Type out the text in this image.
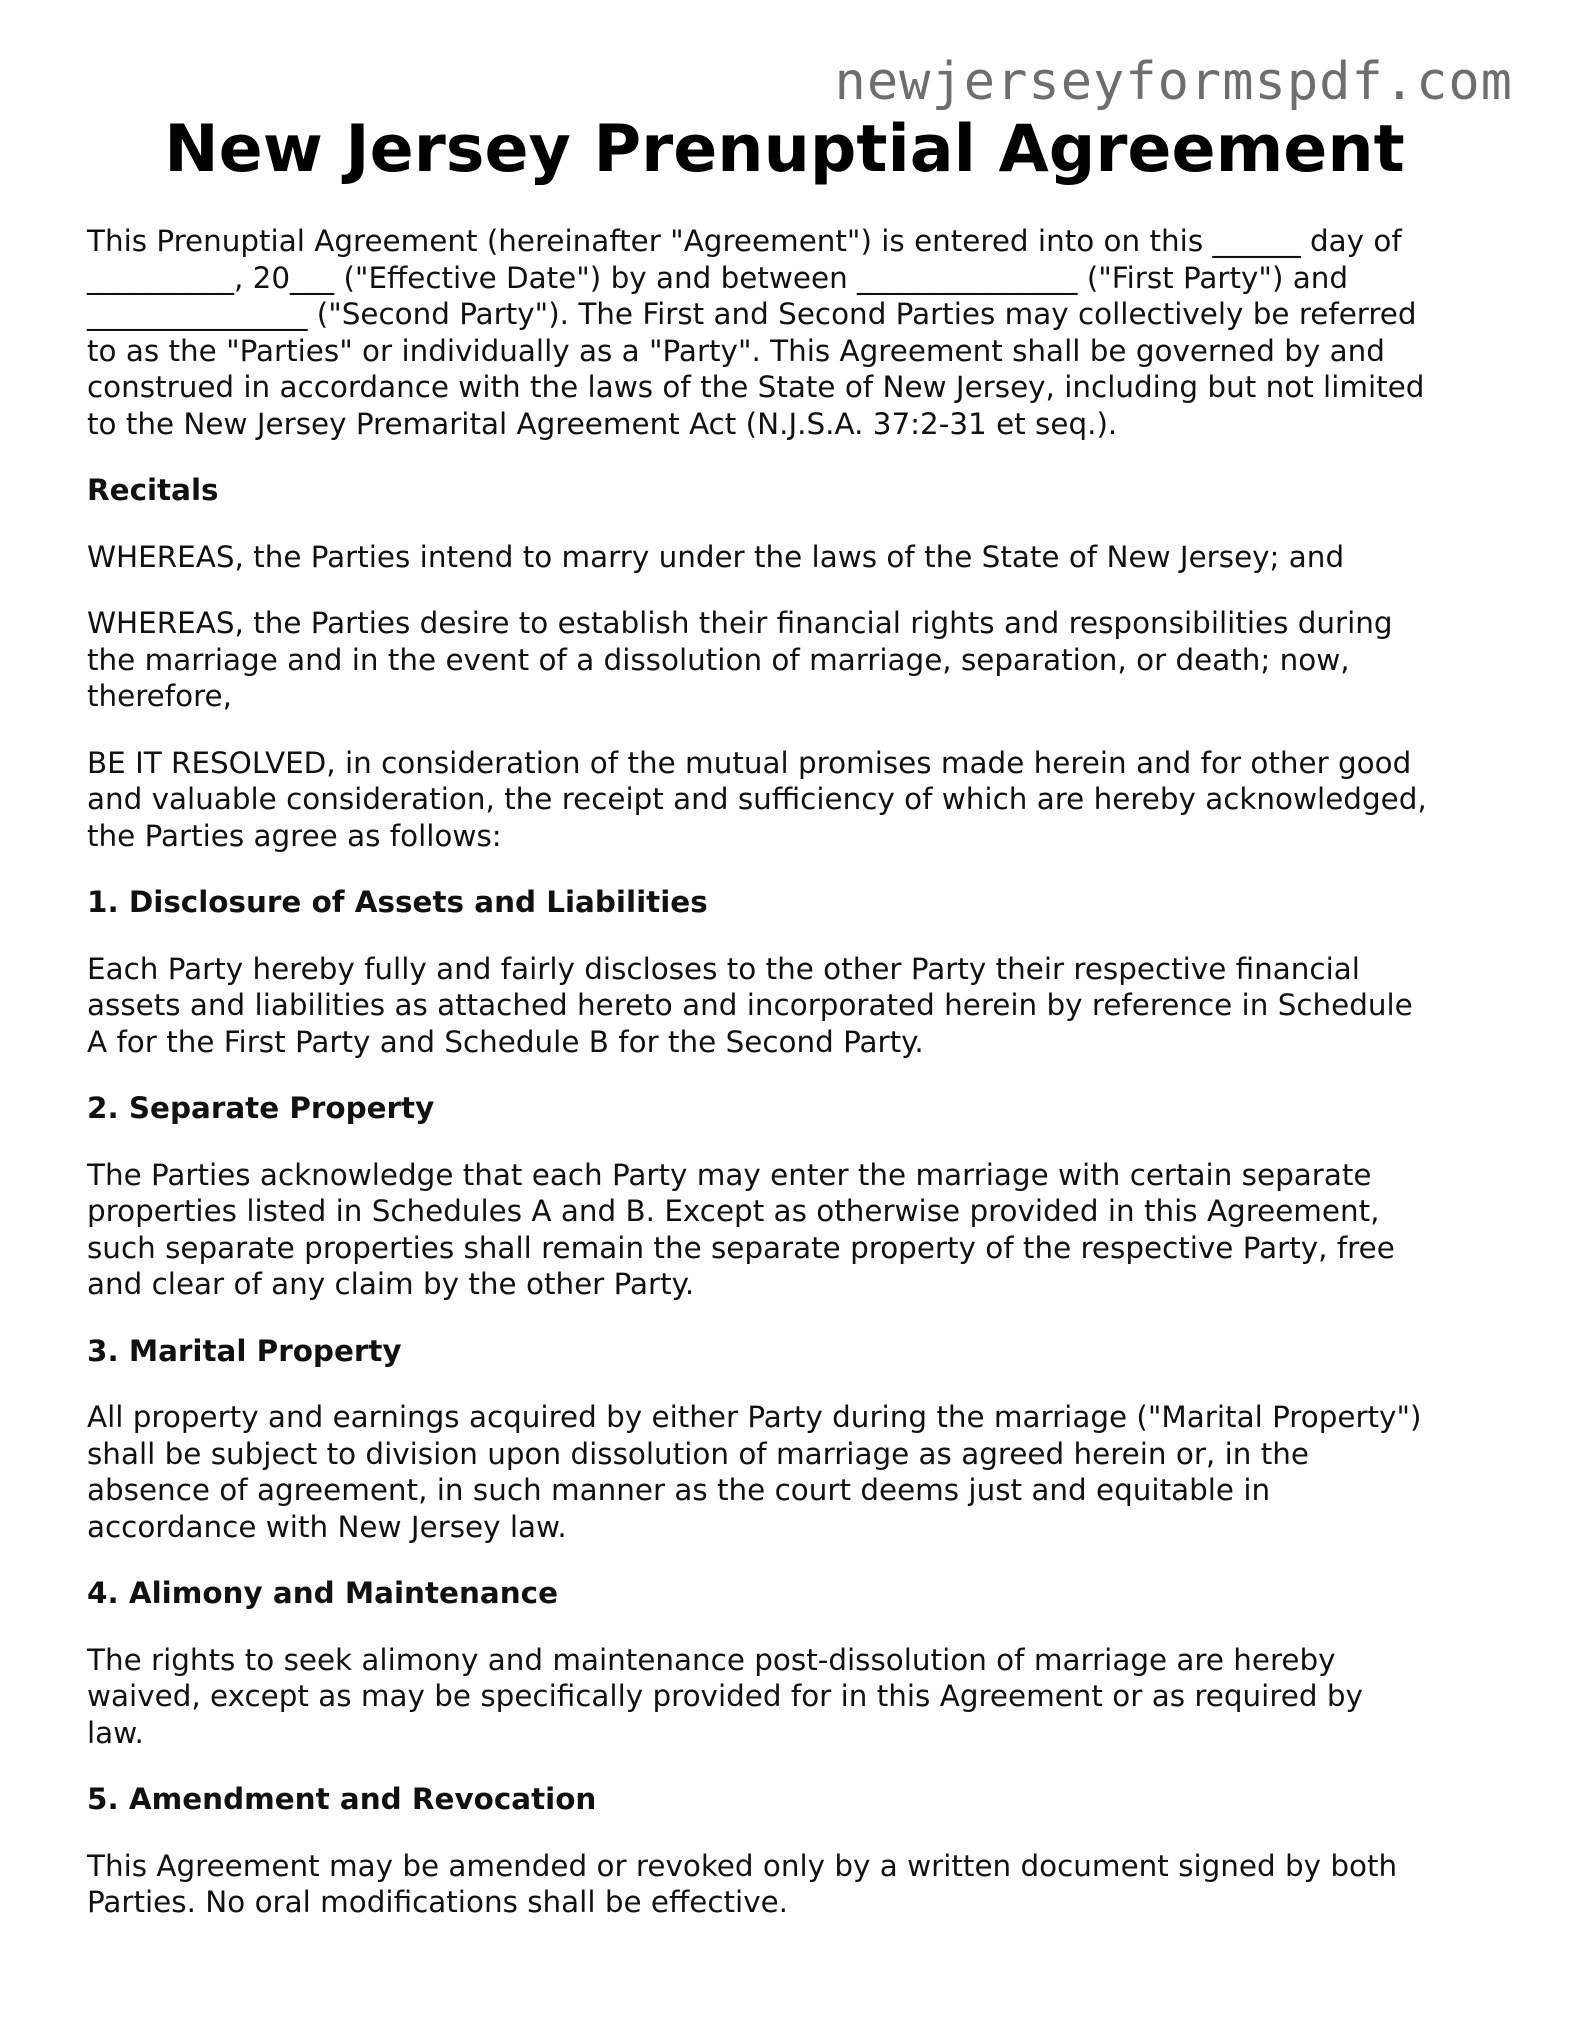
newjerseyformspdf.com
New Jersey Prenuptial Agreement

This Prenuptial Agreement (hereinafter "Agreement") is entered into on this ______ day of
__________, 20___ ("Effective Date") by and between _______________ ("First Party") and
_______________ ("Second Party"). The First and Second Parties may collectively be referred
to as the "Parties" or individually as a "Party". This Agreement shall be governed by and
construed in accordance with the laws of the State of New Jersey, including but not limited
to the New Jersey Premarital Agreement Act (N.J.S.A. 37:2-31 et seq.).

Recitals

WHEREAS, the Parties intend to marry under the laws of the State of New Jersey; and

WHEREAS, the Parties desire to establish their financial rights and responsibilities during
the marriage and in the event of a dissolution of marriage, separation, or death; now,
therefore,

BE IT RESOLVED, in consideration of the mutual promises made herein and for other good
and valuable consideration, the receipt and sufficiency of which are hereby acknowledged,
the Parties agree as follows:

1. Disclosure of Assets and Liabilities

Each Party hereby fully and fairly discloses to the other Party their respective financial
assets and liabilities as attached hereto and incorporated herein by reference in Schedule
A for the First Party and Schedule B for the Second Party.

2. Separate Property

The Parties acknowledge that each Party may enter the marriage with certain separate
properties listed in Schedules A and B. Except as otherwise provided in this Agreement,
such separate properties shall remain the separate property of the respective Party, free
and clear of any claim by the other Party.

3. Marital Property

All property and earnings acquired by either Party during the marriage ("Marital Property")
shall be subject to division upon dissolution of marriage as agreed herein or, in the
absence of agreement, in such manner as the court deems just and equitable in
accordance with New Jersey law.

4. Alimony and Maintenance

The rights to seek alimony and maintenance post-dissolution of marriage are hereby
waived, except as may be specifically provided for in this Agreement or as required by
law.

5. Amendment and Revocation

This Agreement may be amended or revoked only by a written document signed by both
Parties. No oral modifications shall be effective.
